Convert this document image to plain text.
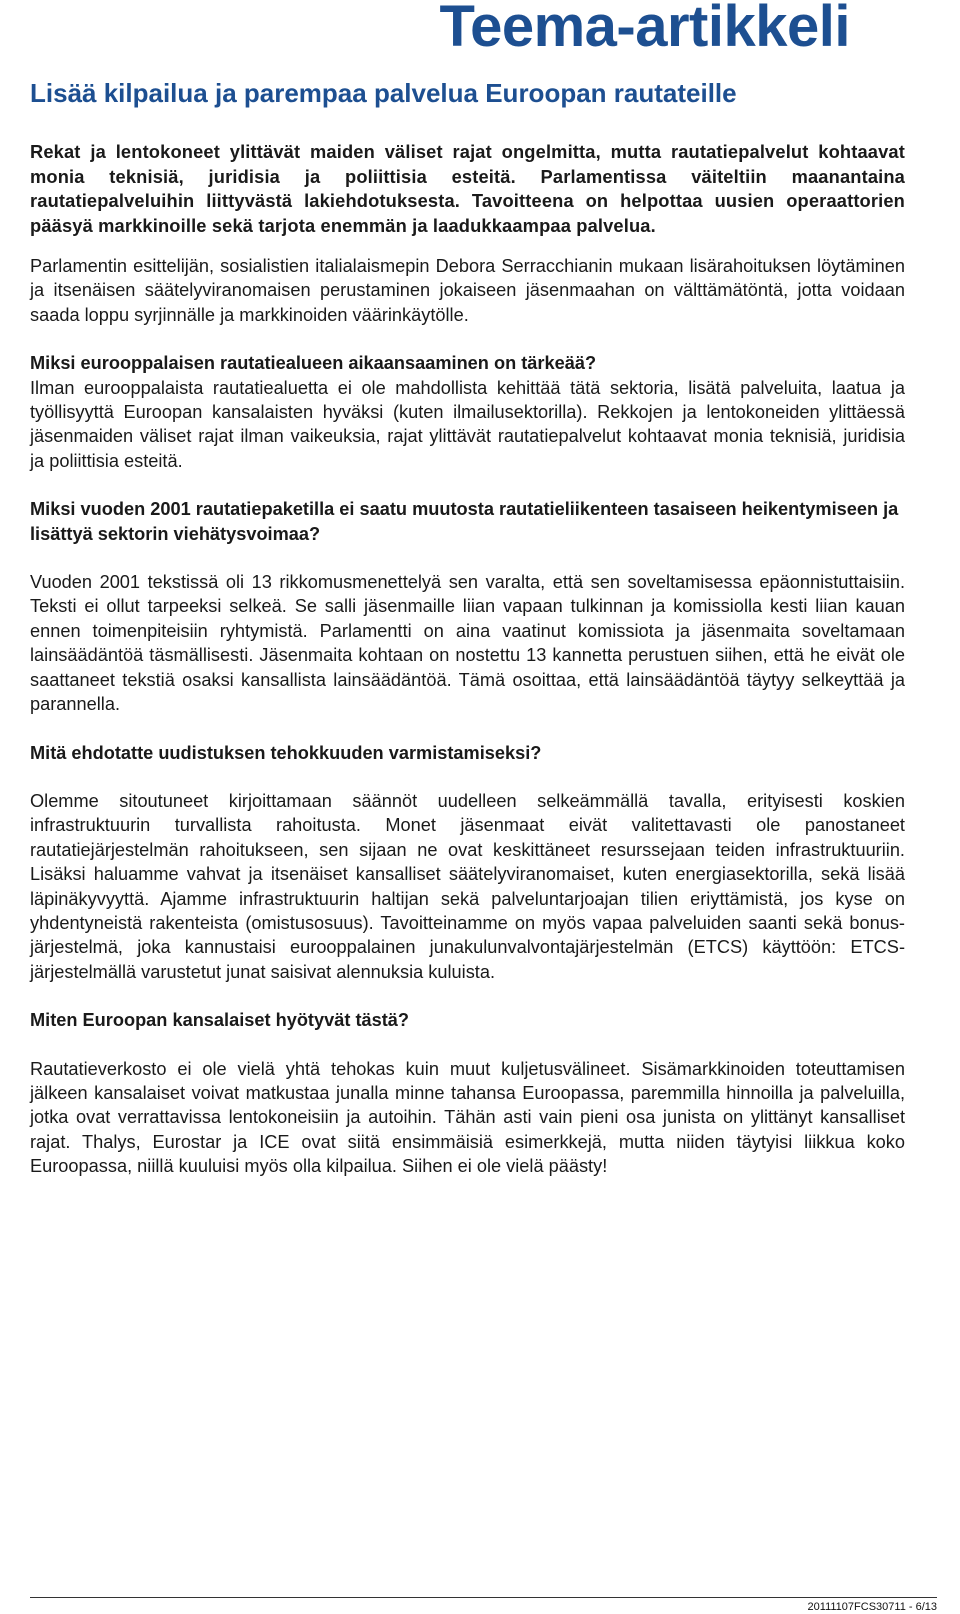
Teema-artikkeli
Lisää kilpailua ja parempaa palvelua Euroopan rautateille

Rekat ja lentokoneet ylittävät maiden väliset rajat ongelmitta, mutta rautatiepalvelut kohtaavat monia teknisiä, juridisia ja poliittisia esteitä. Parlamentissa väiteltiin maanantaina rautatiepalveluihin liittyvästä lakiehdotuksesta. Tavoitteena on helpottaa uusien operaattorien pääsyä markkinoille sekä tarjota enemmän ja laadukkaampaa palvelua.

Parlamentin esittelijän, sosialistien italialaismepin Debora Serracchianin mukaan lisärahoituksen löytäminen ja itsenäisen säätelyviranomaisen perustaminen jokaiseen jäsenmaahan on välttämätöntä, jotta voidaan saada loppu syrjinnälle ja markkinoiden väärinkäytölle.

Miksi eurooppalaisen rautatiealueen aikaansaaminen on tärkeää?

Ilman eurooppalaista rautatiealuetta ei ole mahdollista kehittää tätä sektoria, lisätä palveluita, laatua ja työllisyyttä Euroopan kansalaisten hyväksi (kuten ilmailusektorilla). Rekkojen ja lentokoneiden ylittäessä jäsenmaiden väliset rajat ilman vaikeuksia, rajat ylittävät rautatiepalvelut kohtaavat monia teknisiä, juridisia ja poliittisia esteitä.

Miksi vuoden 2001 rautatiepaketilla ei saatu muutosta rautatieliikenteen tasaiseen heikentymiseen ja lisättyä sektorin viehätysvoimaa?

Vuoden 2001 tekstissä oli 13 rikkomusmenettelyä sen varalta, että sen soveltamisessa epäonnistuttaisiin. Teksti ei ollut tarpeeksi selkeä. Se salli jäsenmaille liian vapaan tulkinnan ja komissiolla kesti liian kauan ennen toimenpiteisiin ryhtymistä. Parlamentti on aina vaatinut komissiota ja jäsenmaita soveltamaan lainsäädäntöä täsmällisesti. Jäsenmaita kohtaan on nostettu 13 kannetta perustuen siihen, että he eivät ole saattaneet tekstiä osaksi kansallista lainsäädäntöä. Tämä osoittaa, että lainsäädäntöä täytyy selkeyttää ja parannella.

Mitä ehdotatte uudistuksen tehokkuuden varmistamiseksi?

Olemme sitoutuneet kirjoittamaan säännöt uudelleen selkeämmällä tavalla, erityisesti koskien infrastruktuurin turvallista rahoitusta. Monet jäsenmaat eivät valitettavasti ole panostaneet rautatiejärjestelmän rahoitukseen, sen sijaan ne ovat keskittäneet resurssejaan teiden infrastruktuuriin. Lisäksi haluamme vahvat ja itsenäiset kansalliset säätelyviranomaiset, kuten energiasektorilla, sekä lisää läpinäkyvyyttä. Ajamme infrastruktuurin haltijan sekä palveluntarjoajan tilien eriyttämistä, jos kyse on yhdentyneistä rakenteista (omistusosuus). Tavoitteinamme on myös vapaa palveluiden saanti sekä bonus-järjestelmä, joka kannustaisi eurooppalainen junakulunvalvontajärjestelmän (ETCS) käyttöön: ETCS-järjestelmällä varustetut junat saisivat alennuksia kuluista.

Miten Euroopan kansalaiset hyötyvät tästä?

Rautatieverkosto ei ole vielä yhtä tehokas kuin muut kuljetusvälineet. Sisämarkkinoiden toteuttamisen jälkeen kansalaiset voivat matkustaa junalla minne tahansa Euroopassa, paremmilla hinnoilla ja palveluilla, jotka ovat verrattavissa lentokoneisiin ja autoihin. Tähän asti vain pieni osa junista on ylittänyt kansalliset rajat. Thalys, Eurostar ja ICE ovat siitä ensimmäisiä esimerkkejä, mutta niiden täytyisi liikkua koko Euroopassa, niillä kuuluisi myös olla kilpailua. Siihen ei ole vielä päästy!

20111107FCS30711 - 6/13
